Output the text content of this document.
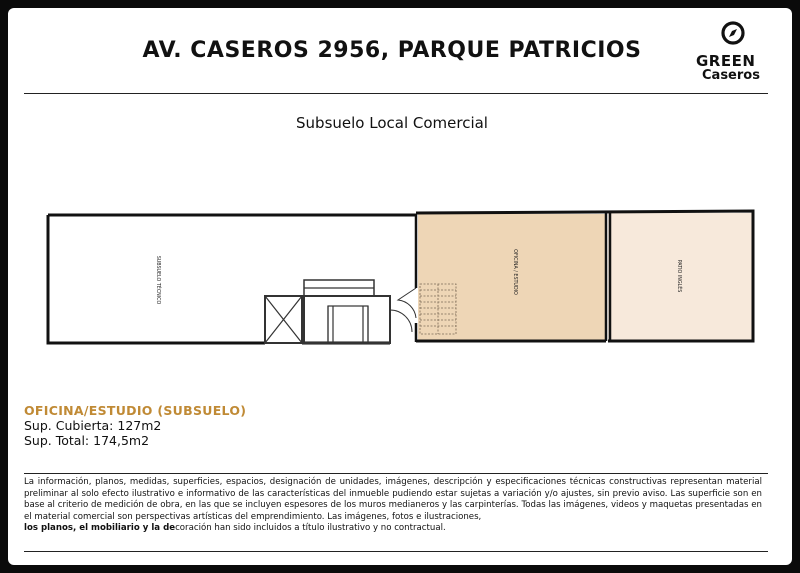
AV. CASEROS 2956, PARQUE PATRICIOS	GREEN
Caseros
Subsuelo Local Comercial
SUBSUELO TÉCNICO	OFICINA / ESTUDIO	PATIO INGLÉS
OFICINA/ESTUDIO (SUBSUELO)
Sup. Cubierta: 127m2
Sup. Total: 174,5m2
La información, planos, medidas, superficies, espacios, designación de unidades, imágenes, descripción y especificaciones técnicas constructivas representan material preliminar al solo efecto ilustrativo e informativo de las características del inmueble pudiendo estar sujetas a variación y/o ajustes, sin previo aviso. Las superficie son en base al criterio de medición de obra, en las que se incluyen espesores de los muros medianeros y las carpinterías. Todas las imágenes, videos y maquetas presentadas en el material comercial son perspectivas artísticas del emprendimiento. Las imágenes, fotos e ilustraciones,
los planos, el mobiliario y la decoración han sido incluidos a título ilustrativo y no contractual.
